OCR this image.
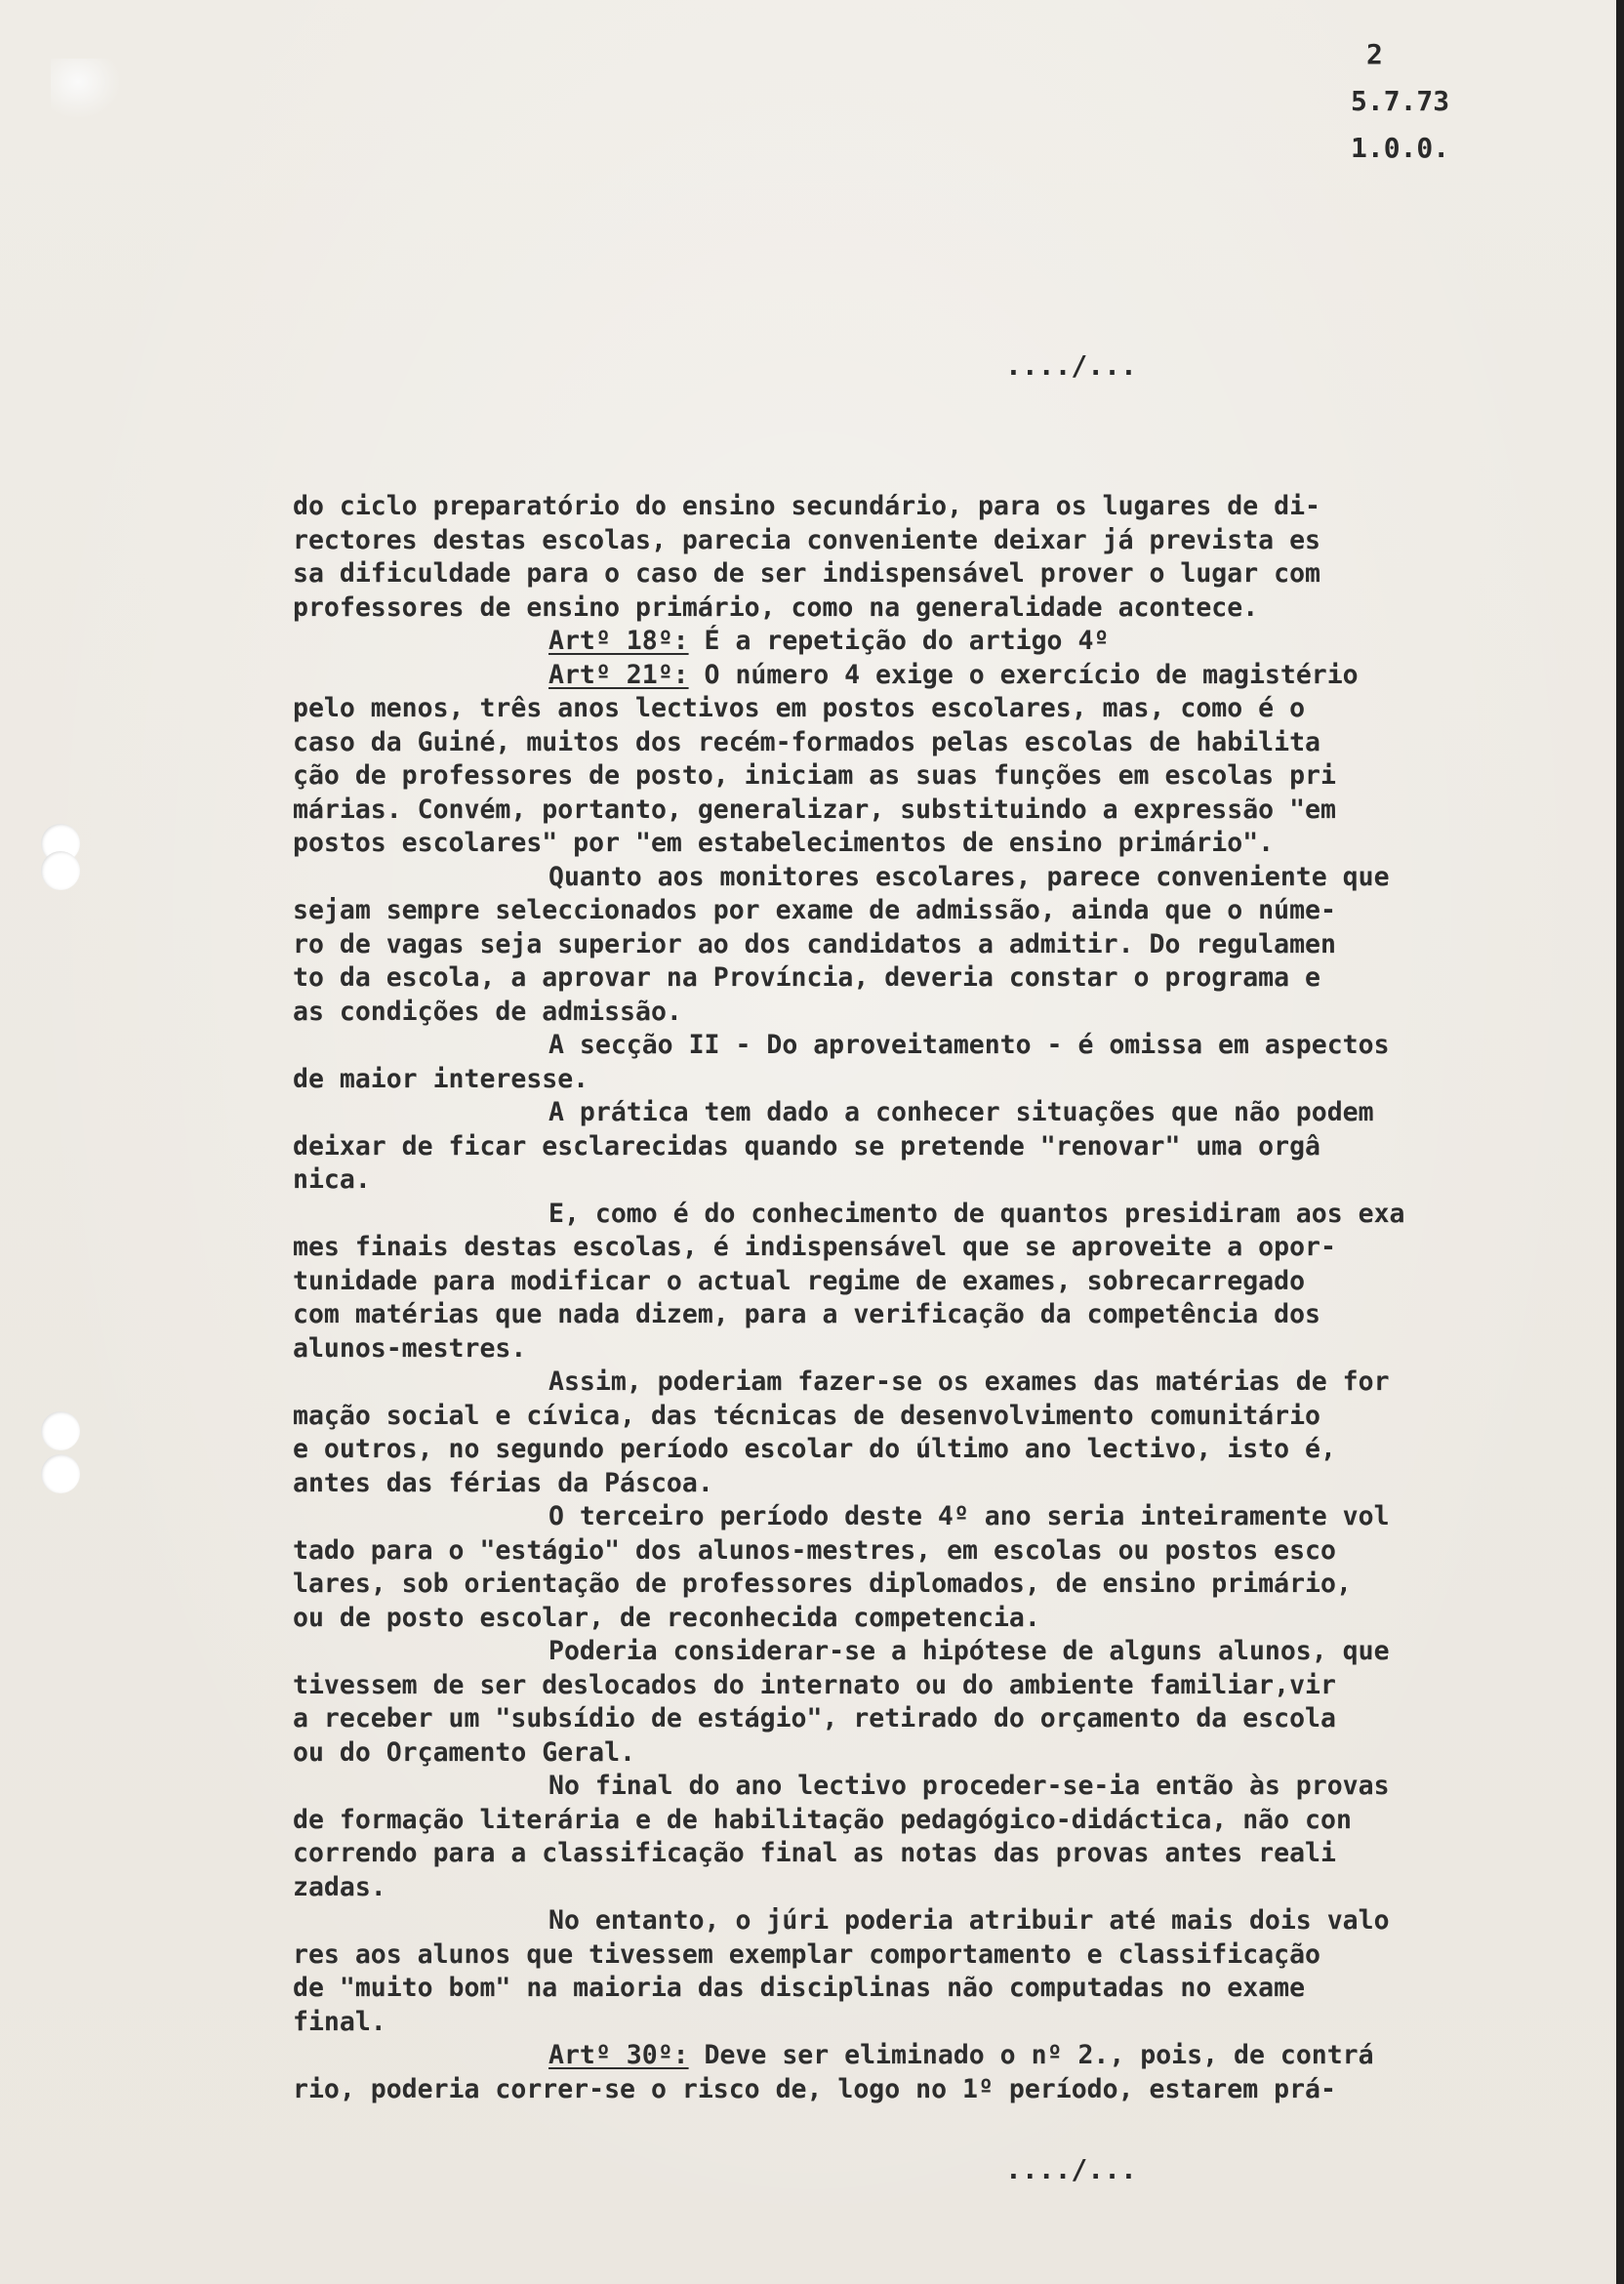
2
5.7.73
1.0.0.
..../...
do ciclo preparatório do ensino secundário, para os lugares de di-
rectores destas escolas, parecia conveniente deixar já prevista es
sa dificuldade para o caso de ser indispensável prover o lugar com
professores de ensino primário, como na generalidade acontece.
Artº 18º: É a repetição do artigo 4º
Artº 21º: O número 4 exige o exercício de magistério
pelo menos, três anos lectivos em postos escolares, mas, como é o
caso da Guiné, muitos dos recém-formados pelas escolas de habilita
ção de professores de posto, iniciam as suas funções em escolas pri
márias. Convém, portanto, generalizar, substituindo a expressão "em
postos escolares" por "em estabelecimentos de ensino primário".
Quanto aos monitores escolares, parece conveniente que
sejam sempre seleccionados por exame de admissão, ainda que o núme-
ro de vagas seja superior ao dos candidatos a admitir. Do regulamen
to da escola, a aprovar na Província, deveria constar o programa e
as condições de admissão.
A secção II - Do aproveitamento - é omissa em aspectos
de maior interesse.
A prática tem dado a conhecer situações que não podem
deixar de ficar esclarecidas quando se pretende "renovar" uma orgâ
nica.
E, como é do conhecimento de quantos presidiram aos exa
mes finais destas escolas, é indispensável que se aproveite a opor-
tunidade para modificar o actual regime de exames, sobrecarregado
com matérias que nada dizem, para a verificação da competência dos
alunos-mestres.
Assim, poderiam fazer-se os exames das matérias de for
mação social e cívica, das técnicas de desenvolvimento comunitário
e outros, no segundo período escolar do último ano lectivo, isto é,
antes das férias da Páscoa.
O terceiro período deste 4º ano seria inteiramente vol
tado para o "estágio" dos alunos-mestres, em escolas ou postos esco
lares, sob orientação de professores diplomados, de ensino primário,
ou de posto escolar, de reconhecida competencia.
Poderia considerar-se a hipótese de alguns alunos, que
tivessem de ser deslocados do internato ou do ambiente familiar,vir
a receber um "subsídio de estágio", retirado do orçamento da escola
ou do Orçamento Geral.
No final do ano lectivo proceder-se-ia então às provas
de formação literária e de habilitação pedagógico-didáctica, não con
correndo para a classificação final as notas das provas antes reali
zadas.
No entanto, o júri poderia atribuir até mais dois valo
res aos alunos que tivessem exemplar comportamento e classificação
de "muito bom" na maioria das disciplinas não computadas no exame
final.
Artº 30º: Deve ser eliminado o nº 2., pois, de contrá
rio, poderia correr-se o risco de, logo no 1º período, estarem prá-
..../...
